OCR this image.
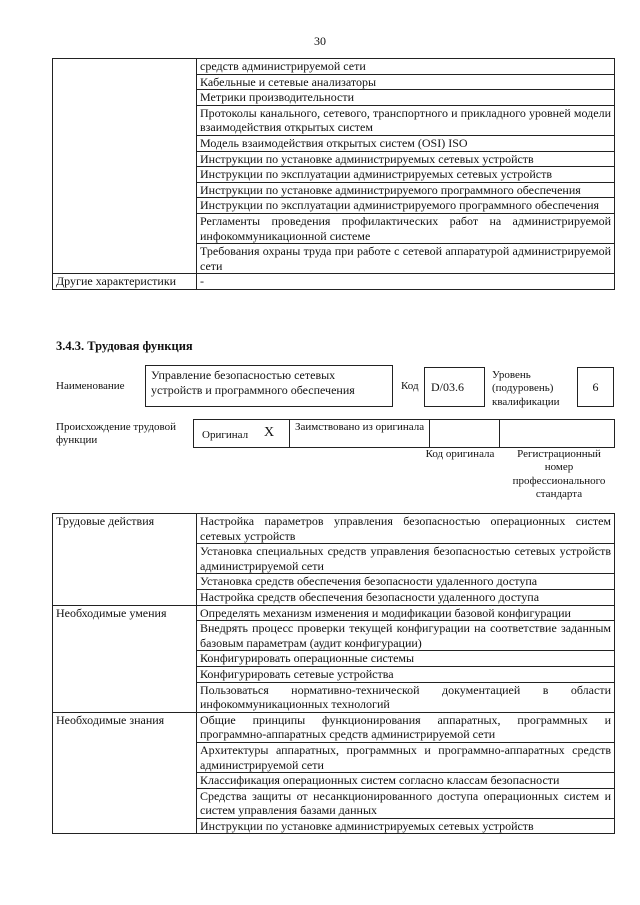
30
	средств администрируемой сети
	Кабельные и сетевые анализаторы
	Метрики производительности
	Протоколы канального, сетевого, транспортного и прикладного уровней модели взаимодействия открытых систем
	Модель взаимодействия открытых систем (OSI) ISO
	Инструкции по установке администрируемых сетевых устройств
	Инструкции по эксплуатации администрируемых сетевых устройств
	Инструкции по установке администрируемого программного обеспечения
	Инструкции по эксплуатации администрируемого программного обеспечения
	Регламенты проведения профилактических работ на администрируемой инфокоммуникационной системе
	Требования охраны труда при работе с сетевой аппаратурой администрируемой сети
Другие характеристики	-
3.4.3. Трудовая функция
Наименование
Управление безопасностью сетевых устройств и программного обеспечения	Код	D/03.6
Уровень (подуровень) квалификации
6
Происхождение трудовой функции	Оригинал X Заимствовано из оригинала
Код оригинала	Регистрационный номер профессионального стандарта
Трудовые действия	Настройка параметров управления безопасностью операционных систем сетевых устройств
	Установка специальных средств управления безопасностью сетевых устройств администрируемой сети
	Установка средств обеспечения безопасности удаленного доступа
	Настройка средств обеспечения безопасности удаленного доступа
Необходимые умения	Определять механизм изменения и модификации базовой конфигурации
	Внедрять процесс проверки текущей конфигурации на соответствие заданным базовым параметрам (аудит конфигурации)
	Конфигурировать операционные системы
	Конфигурировать сетевые устройства
	Пользоваться нормативно-технической документацией в области инфокоммуникационных технологий
Необходимые знания	Общие принципы функционирования аппаратных, программных и программно-аппаратных средств администрируемой сети
	Архитектуры аппаратных, программных и программно-аппаратных средств администрируемой сети
	Классификация операционных систем согласно классам безопасности
	Средства защиты от несанкционированного доступа операционных систем и систем управления базами данных
	Инструкции по установке администрируемых сетевых устройств
